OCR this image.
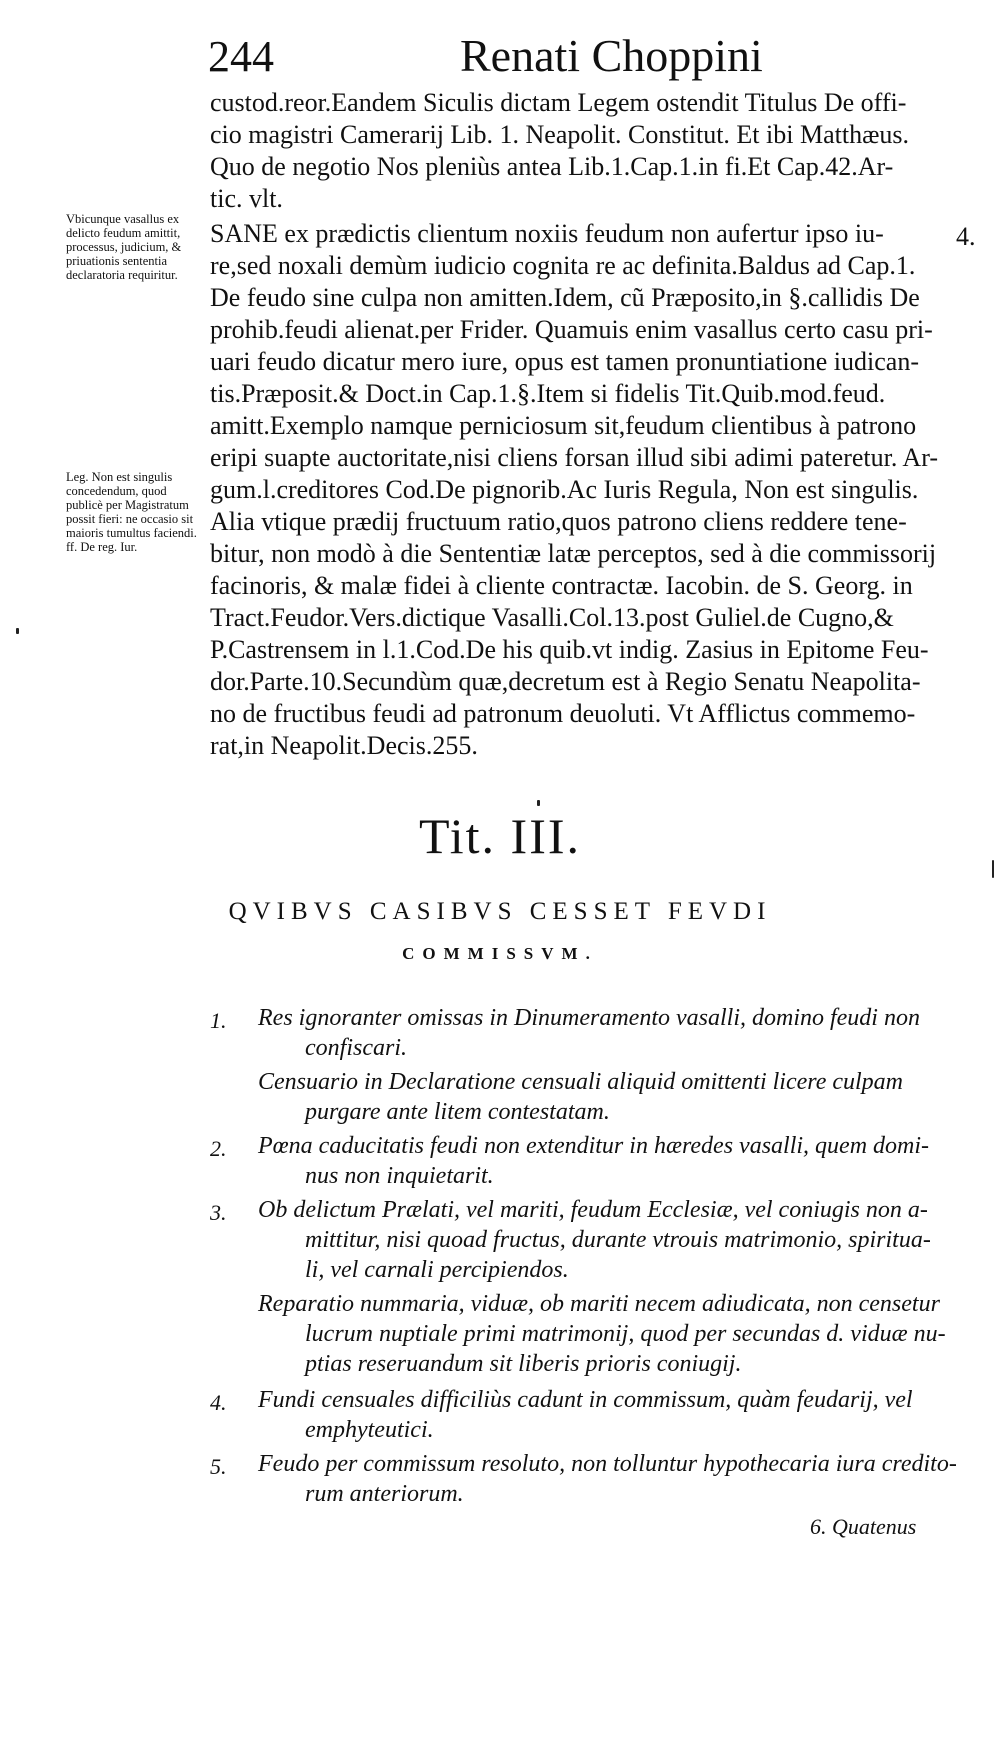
244	Renati Choppini
Vbicunque vasallus ex delicto feudum amittit, processus, judicium, & priuationis sententia declaratoria requiritur.
Leg. Non est singulis concedendum, quod publicè per Magistratum possit fieri: ne occasio sit maioris tumultus faciendi. ff. De reg. Iur.
4.
custod.reor.Eandem Siculis dictam Legem ostendit Titulus De offi-
cio magistri Camerarij Lib. 1. Neapolit. Constitut. Et ibi Matthæus.
Quo de negotio Nos pleniùs antea Lib.1.Cap.1.in fi.Et Cap.42.Ar-
tic. vlt.
SANE ex prædictis clientum noxiis feudum non aufertur ipso iu-
re,sed noxali demùm iudicio cognita re ac definita.Baldus ad Cap.1.
De feudo sine culpa non amitten.Idem, cũ Præposito,in §.callidis De
prohib.feudi alienat.per Frider. Quamuis enim vasallus certo casu pri-
uari feudo dicatur mero iure, opus est tamen pronuntiatione iudican-
tis.Præposit.& Doct.in Cap.1.§.Item si fidelis Tit.Quib.mod.feud.
amitt.Exemplo namque perniciosum sit,feudum clientibus à patrono
eripi suapte auctoritate,nisi cliens forsan illud sibi adimi pateretur. Ar-
gum.l.creditores Cod.De pignorib.Ac Iuris Regula, Non est singulis.
Alia vtique prædij fructuum ratio,quos patrono cliens reddere tene-
bitur, non modò à die Sententiæ latæ perceptos, sed à die commissorij
facinoris, & malæ fidei à cliente contractæ. Iacobin. de S. Georg. in
Tract.Feudor.Vers.dictique Vasalli.Col.13.post Guliel.de Cugno,&
P.Castrensem in l.1.Cod.De his quib.vt indig. Zasius in Epitome Feu-
dor.Parte.10.Secundùm quæ,decretum est à Regio Senatu Neapolita-
no de fructibus feudi ad patronum deuoluti. Vt Afflictus commemo-
rat,in Neapolit.Decis.255.
Tit. III.
QVIBVS CASIBVS CESSET FEVDI
COMMISSVM.
1. Res ignoranter omissas in Dinumeramento vasalli, domino feudi non
confiscari.
Censuario in Declaratione censuali aliquid omittenti licere culpam
purgare ante litem contestatam.
2. Pœna caducitatis feudi non extenditur in hæredes vasalli, quem domi-
nus non inquietarit.
3. Ob delictum Prælati, vel mariti, feudum Ecclesiæ, vel coniugis non a-
mittitur, nisi quoad fructus, durante vtrouis matrimonio, spiritua-
li, vel carnali percipiendos.
Reparatio nummaria, viduæ, ob mariti necem adiudicata, non censetur
lucrum nuptiale primi matrimonij, quod per secundas d. viduæ nu-
ptias reseruandum sit liberis prioris coniugij.
4. Fundi censuales difficiliùs cadunt in commissum, quàm feudarij, vel
emphyteutici.
5. Feudo per commissum resoluto, non tolluntur hypothecaria iura credito-
rum anteriorum.
6. Quatenus
